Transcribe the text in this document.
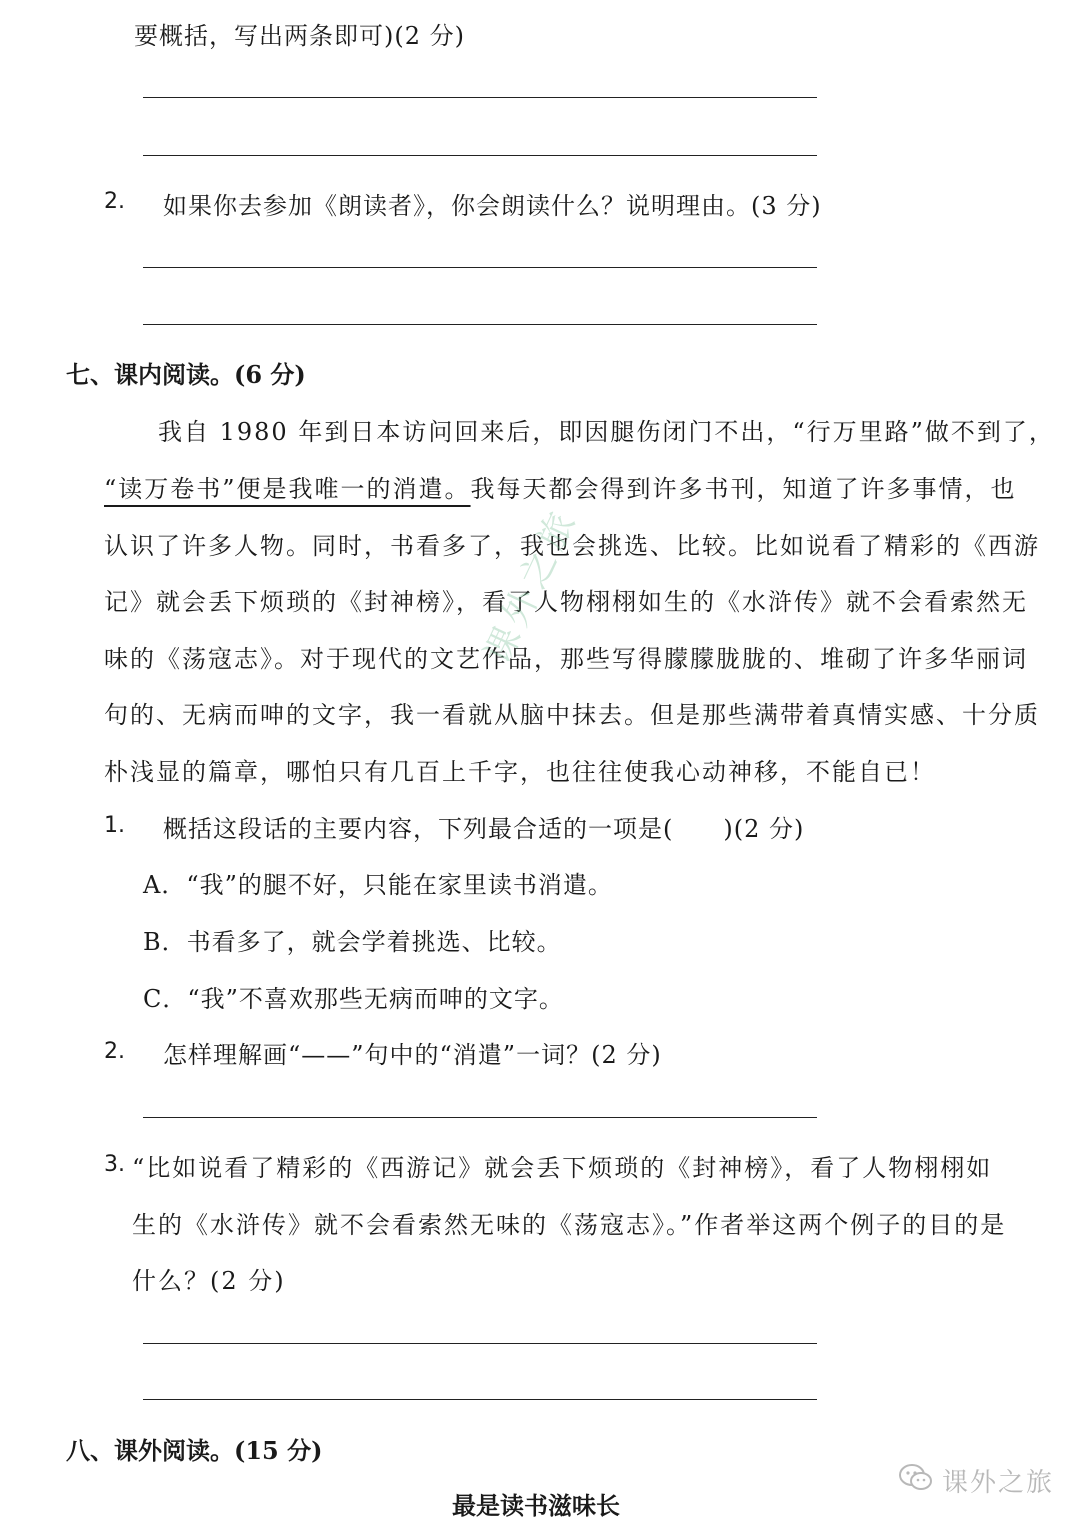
要概括，写出两条即可)(2 分)
2. 如果你去参加《朗读者》，你会朗读什么？说明理由。(3 分)
七、课内阅读。(6 分)
我自 1980 年到日本访问回来后，即因腿伤闭门不出，“行万里路”做不到了，
“读万卷书”便是我唯一的消遣。我每天都会得到许多书刊，知道了许多事情，也
认识了许多人物。同时，书看多了，我也会挑选、比较。比如说看了精彩的《西游
记》就会丢下烦琐的《封神榜》，看了人物栩栩如生的《水浒传》就不会看索然无
味的《荡寇志》。对于现代的文艺作品，那些写得朦朦胧胧的、堆砌了许多华丽词
句的、无病而呻的文字，我一看就从脑中抹去。但是那些满带着真情实感、十分质
朴浅显的篇章，哪怕只有几百上千字，也往往使我心动神移，不能自已！
1. 概括这段话的主要内容，下列最合适的一项是(　　)(2 分)
A．“我”的腿不好，只能在家里读书消遣。
B．书看多了，就会学着挑选、比较。
C．“我”不喜欢那些无病而呻的文字。
2. 怎样理解画“——”句中的“消遣”一词？(2 分)
3. “比如说看了精彩的《西游记》就会丢下烦琐的《封神榜》，看了人物栩栩如
生的《水浒传》就不会看索然无味的《荡寇志》。”作者举这两个例子的目的是
什么？(2 分)
八、课外阅读。(15 分)
最是读书滋味长
课外之旅
课外之旅
